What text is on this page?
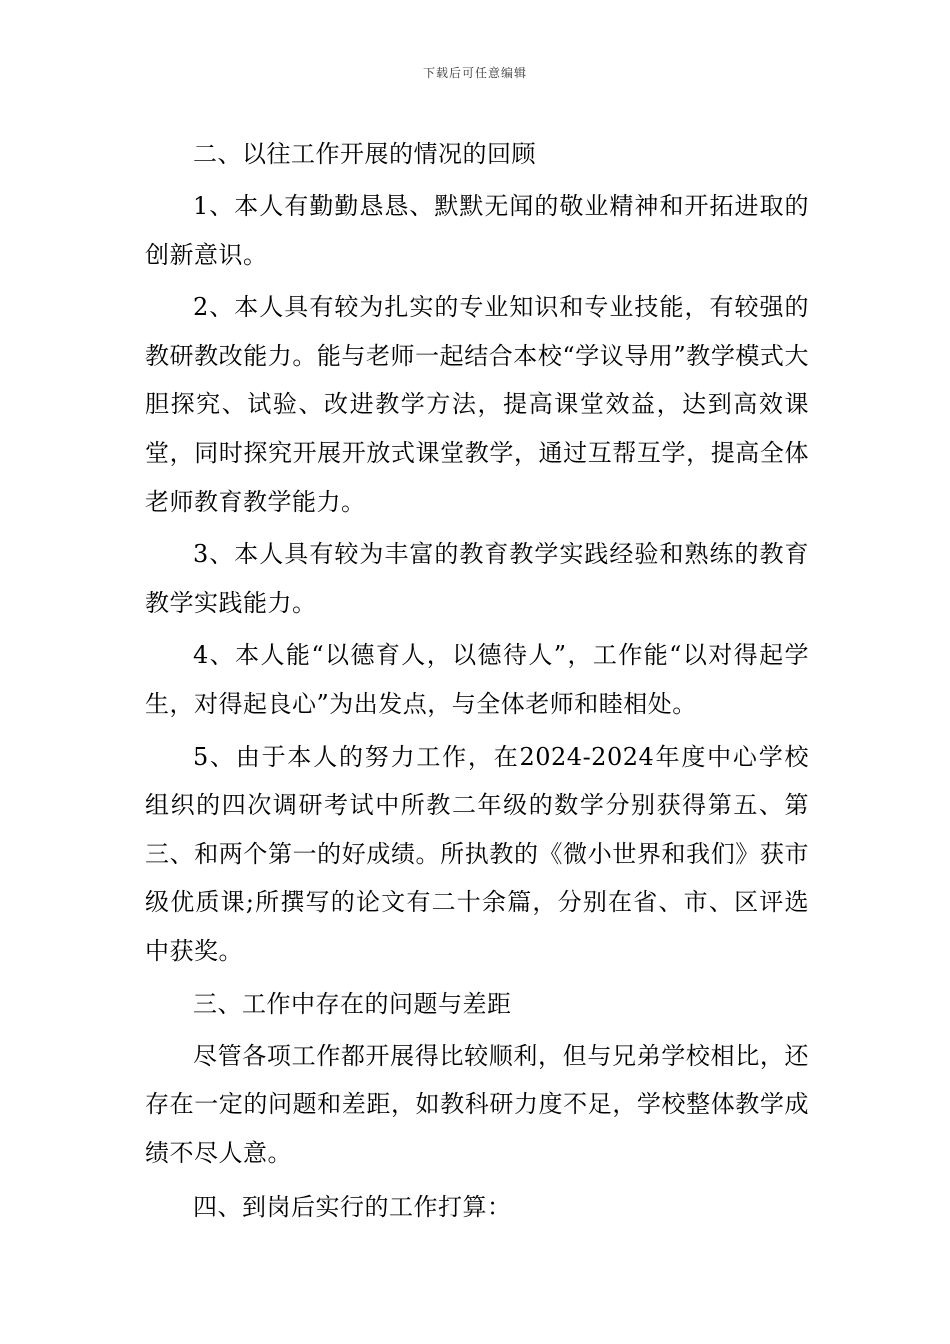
下载后可任意编辑

二、以往工作开展的情况的回顾

1、本人有勤勤恳恳、默默无闻的敬业精神和开拓进取的创新意识。

2、本人具有较为扎实的专业知识和专业技能，有较强的教研教改能力。能与老师一起结合本校“学议导用”教学模式大胆探究、试验、改进教学方法，提高课堂效益，达到高效课堂，同时探究开展开放式课堂教学，通过互帮互学，提高全体老师教育教学能力。

3、本人具有较为丰富的教育教学实践经验和熟练的教育教学实践能力。

4、本人能“以德育人，以德待人”，工作能“以对得起学生，对得起良心”为出发点，与全体老师和睦相处。

5、由于本人的努力工作，在2024-2024年度中心学校组织的四次调研考试中所教二年级的数学分别获得第五、第三、和两个第一的好成绩。所执教的《微小世界和我们》获市级优质课;所撰写的论文有二十余篇，分别在省、市、区评选中获奖。

三、工作中存在的问题与差距

尽管各项工作都开展得比较顺利，但与兄弟学校相比，还存在一定的问题和差距，如教科研力度不足，学校整体教学成绩不尽人意。

四、到岗后实行的工作打算：
